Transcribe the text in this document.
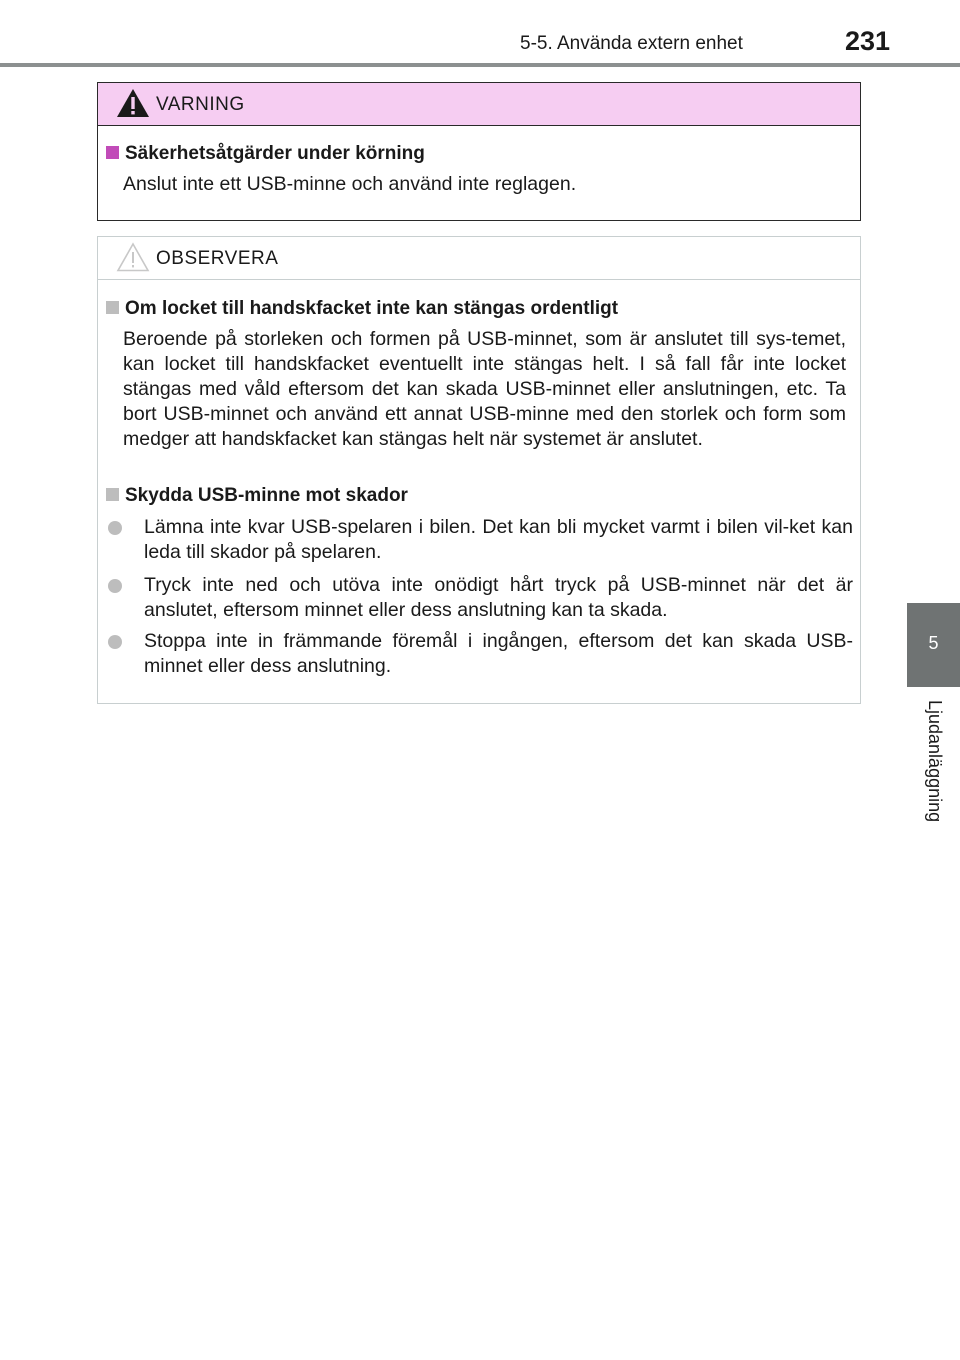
5-5. Använda extern enhet	231
5
Ljudanläggning
VARNING
Säkerhetsåtgärder under körning
Anslut inte ett USB-minne och använd inte reglagen.
OBSERVERA
Om locket till handskfacket inte kan stängas ordentligt
Beroende på storleken och formen på USB-minnet, som är anslutet till sys-temet, kan locket till handskfacket eventuellt inte stängas helt. I så fall får inte locket stängas med våld eftersom det kan skada USB-minnet eller anslutningen, etc. Ta bort USB-minnet och använd ett annat USB-minne med den storlek och form som medger att handskfacket kan stängas helt när systemet är anslutet.
Skydda USB-minne mot skador
Lämna inte kvar USB-spelaren i bilen. Det kan bli mycket varmt i bilen vil-ket kan leda till skador på spelaren.
Tryck inte ned och utöva inte onödigt hårt tryck på USB-minnet när det är anslutet, eftersom minnet eller dess anslutning kan ta skada.
Stoppa inte in främmande föremål i ingången, eftersom det kan skada USB-minnet eller dess anslutning.
